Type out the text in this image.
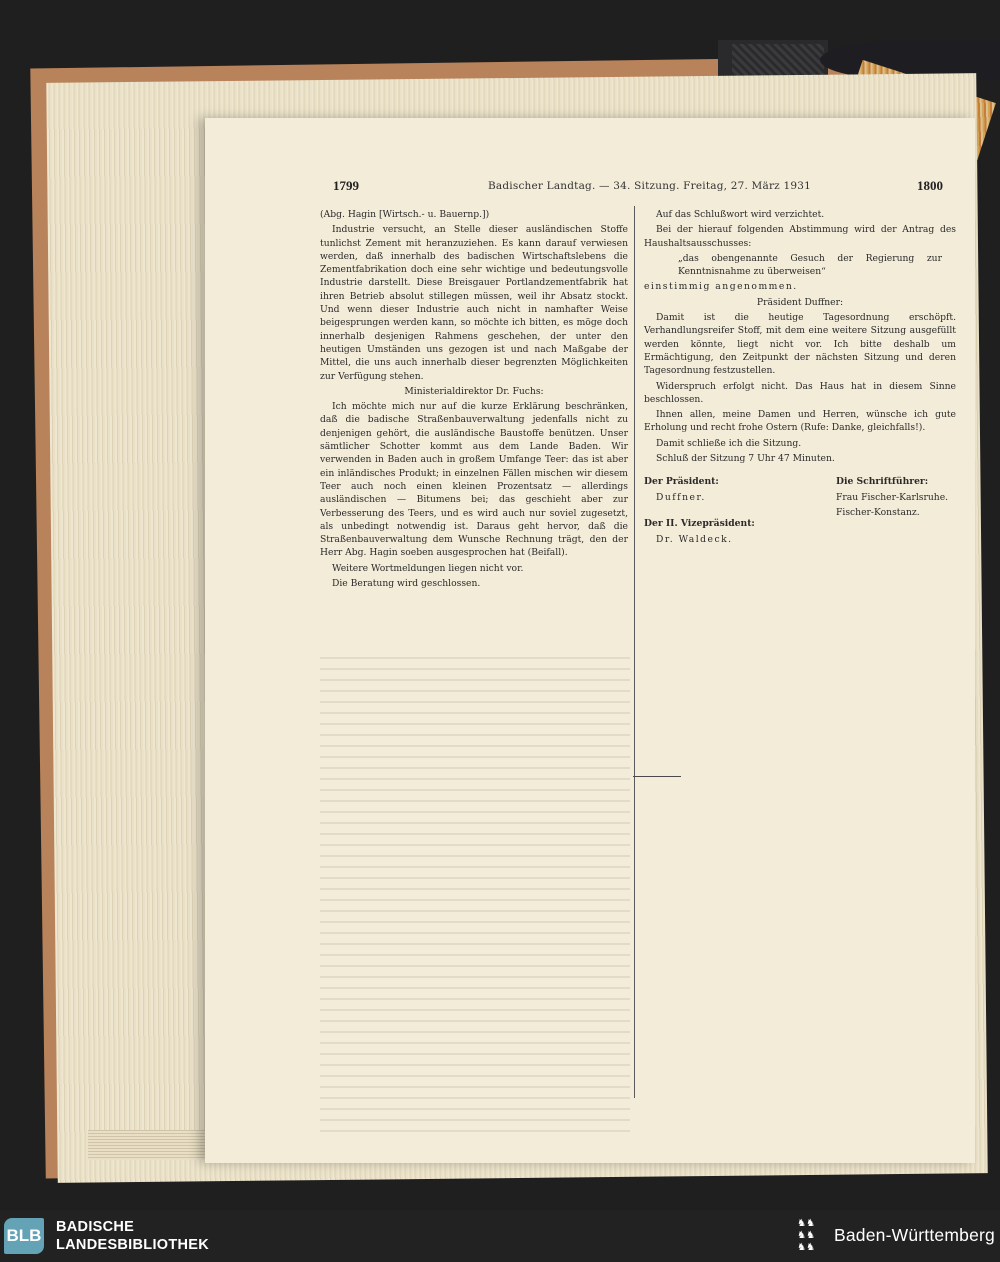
1799	Badischer Landtag. — 34. Sitzung. Freitag, 27. März 1931	1800

(Abg. Hagin [Wirtsch.- u. Bauernp.])

Industrie versucht, an Stelle dieser ausländischen Stoffe tunlichst Zement mit heranzuziehen. Es kann darauf verwiesen werden, daß innerhalb des badischen Wirtschaftslebens die Zementfabrikation doch eine sehr wichtige und bedeutungsvolle Industrie darstellt. Diese Breisgauer Portlandzementfabrik hat ihren Betrieb absolut stillegen müssen, weil ihr Absatz stockt. Und wenn dieser Industrie auch nicht in namhafter Weise beigesprungen werden kann, so möchte ich bitten, es möge doch innerhalb desjenigen Rahmens geschehen, der unter den heutigen Umständen uns gezogen ist und nach Maßgabe der Mittel, die uns auch innerhalb dieser begrenzten Möglichkeiten zur Verfügung stehen.

Ministerialdirektor Dr. Fuchs:

Ich möchte mich nur auf die kurze Erklärung beschränken, daß die badische Straßenbauverwaltung jedenfalls nicht zu denjenigen gehört, die ausländische Baustoffe benützen. Unser sämtlicher Schotter kommt aus dem Lande Baden. Wir verwenden in Baden auch in großem Umfange Teer: das ist aber ein inländisches Produkt; in einzelnen Fällen mischen wir diesem Teer auch noch einen kleinen Prozentsatz — allerdings ausländischen — Bitumens bei; das geschieht aber zur Verbesserung des Teers, und es wird auch nur soviel zugesetzt, als unbedingt notwendig ist. Daraus geht hervor, daß die Straßenbauverwaltung dem Wunsche Rechnung trägt, den der Herr Abg. Hagin soeben ausgesprochen hat (Beifall).

Weitere Wortmeldungen liegen nicht vor.

Die Beratung wird geschlossen.

Auf das Schlußwort wird verzichtet.

Bei der hierauf folgenden Abstimmung wird der Antrag des Haushaltsausschusses:

„das obengenannte Gesuch der Regierung zur Kenntnisnahme zu überweisen“

einstimmig angenommen.

Präsident Duffner:

Damit ist die heutige Tagesordnung erschöpft. Verhandlungsreifer Stoff, mit dem eine weitere Sitzung ausgefüllt werden könnte, liegt nicht vor. Ich bitte deshalb um Ermächtigung, den Zeitpunkt der nächsten Sitzung und deren Tagesordnung festzustellen.

Widerspruch erfolgt nicht. Das Haus hat in diesem Sinne beschlossen.

Ihnen allen, meine Damen und Herren, wünsche ich gute Erholung und recht frohe Ostern (Rufe: Danke, gleichfalls!).

Damit schließe ich die Sitzung.

Schluß der Sitzung 7 Uhr 47 Minuten.

Der Präsident:

Duffner.

Die Schriftführer:

Frau Fischer-Karlsruhe.

Fischer-Konstanz.

Der II. Vizepräsident:

Dr. Waldeck.

BLB BADISCHE
LANDESBIBLIOTHEK
♞♞
♞♞
♞♞
Baden-Württemberg
